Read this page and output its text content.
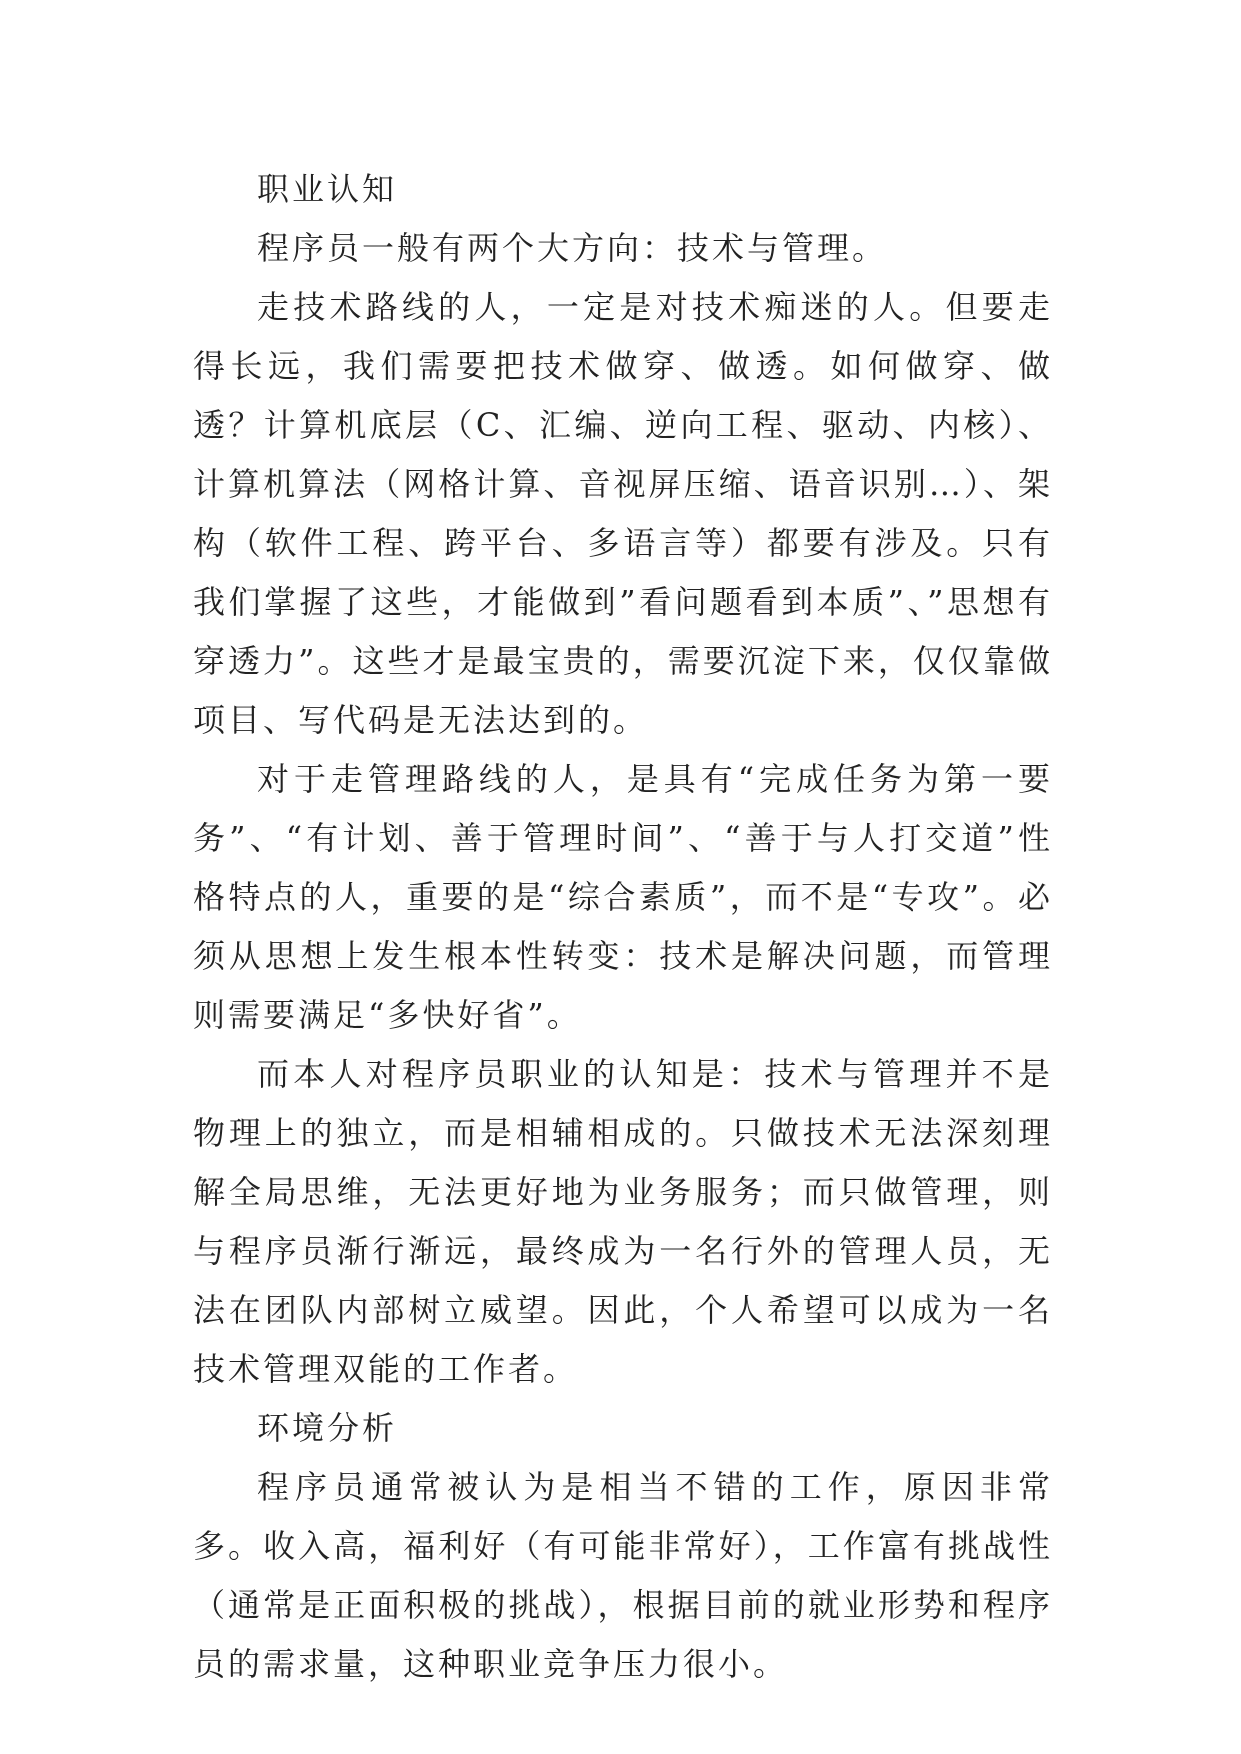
职业认知

程序员一般有两个大方向：技术与管理。

走技术路线的人，一定是对技术痴迷的人。但要走得长远，我们需要把技术做穿、做透。如何做穿、做透？计算机底层（C、汇编、逆向工程、驱动、内核）、计算机算法（网格计算、音视屏压缩、语音识别…）、架构（软件工程、跨平台、多语言等）都要有涉及。只有我们掌握了这些，才能做到”看问题看到本质”、”思想有穿透力”。这些才是最宝贵的，需要沉淀下来，仅仅靠做项目、写代码是无法达到的。

对于走管理路线的人，是具有“完成任务为第一要务”、“有计划、善于管理时间”、“善于与人打交道”性格特点的人，重要的是“综合素质”，而不是“专攻”。必须从思想上发生根本性转变：技术是解决问题，而管理则需要满足“多快好省”。

而本人对程序员职业的认知是：技术与管理并不是物理上的独立，而是相辅相成的。只做技术无法深刻理解全局思维，无法更好地为业务服务；而只做管理，则与程序员渐行渐远，最终成为一名行外的管理人员，无法在团队内部树立威望。因此，个人希望可以成为一名技术管理双能的工作者。

环境分析

程序员通常被认为是相当不错的工作，原因非常多。收入高，福利好（有可能非常好），工作富有挑战性（通常是正面积极的挑战），根据目前的就业形势和程序员的需求量，这种职业竞争压力很小。
